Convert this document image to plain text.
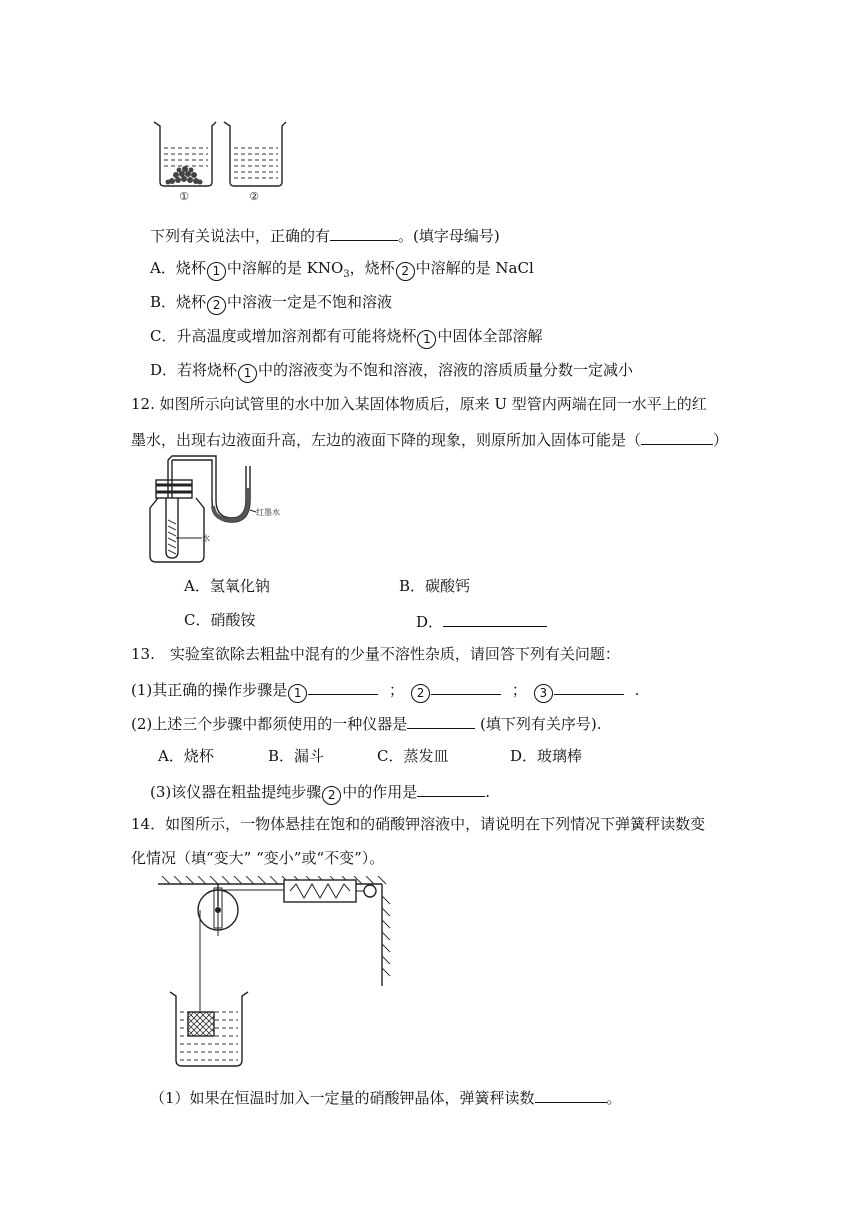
①	②
下列有关说法中，正确的有	。(填字母编号)
A．烧杯 1 中溶解的是 $KNO_3$，烧杯 2 中溶解的是 NaCl
B．烧杯 2 中溶液一定是不饱和溶液
C．升高温度或增加溶剂都有可能将烧杯 1 中固体全部溶解
D．若将烧杯 1 中的溶液变为不饱和溶液，溶液的溶质质量分数一定减小
12. 如图所示向试管里的水中加入某固体物质后，原来 U 型管内两端在同一水平上的红
墨水，出现右边液面升高，左边的液面下降的现象，则原所加入固体可能是（	）
红墨水
水
A．氢氧化钠	B．碳酸钙
C．硝酸铵	D．
13.　实验室欲除去粗盐中混有的少量不溶性杂质，请回答下列有关问题：
(1)其正确的操作步骤是 1	； 2	； 3	.
(2)上述三个步骤中都须使用的一种仪器是	(填下列有关序号).
A．烧杯	B．漏斗	C．蒸发皿	D．玻璃棒
(3)该仪器在粗盐提纯步骤 2 中的作用是	.
14．如图所示，一物体悬挂在饱和的硝酸钾溶液中，请说明在下列情况下弹簧秤读数变
化情况（填“变大” “变小”或“不变”）。
（1）如果在恒温时加入一定量的硝酸钾晶体，弹簧秤读数	。
